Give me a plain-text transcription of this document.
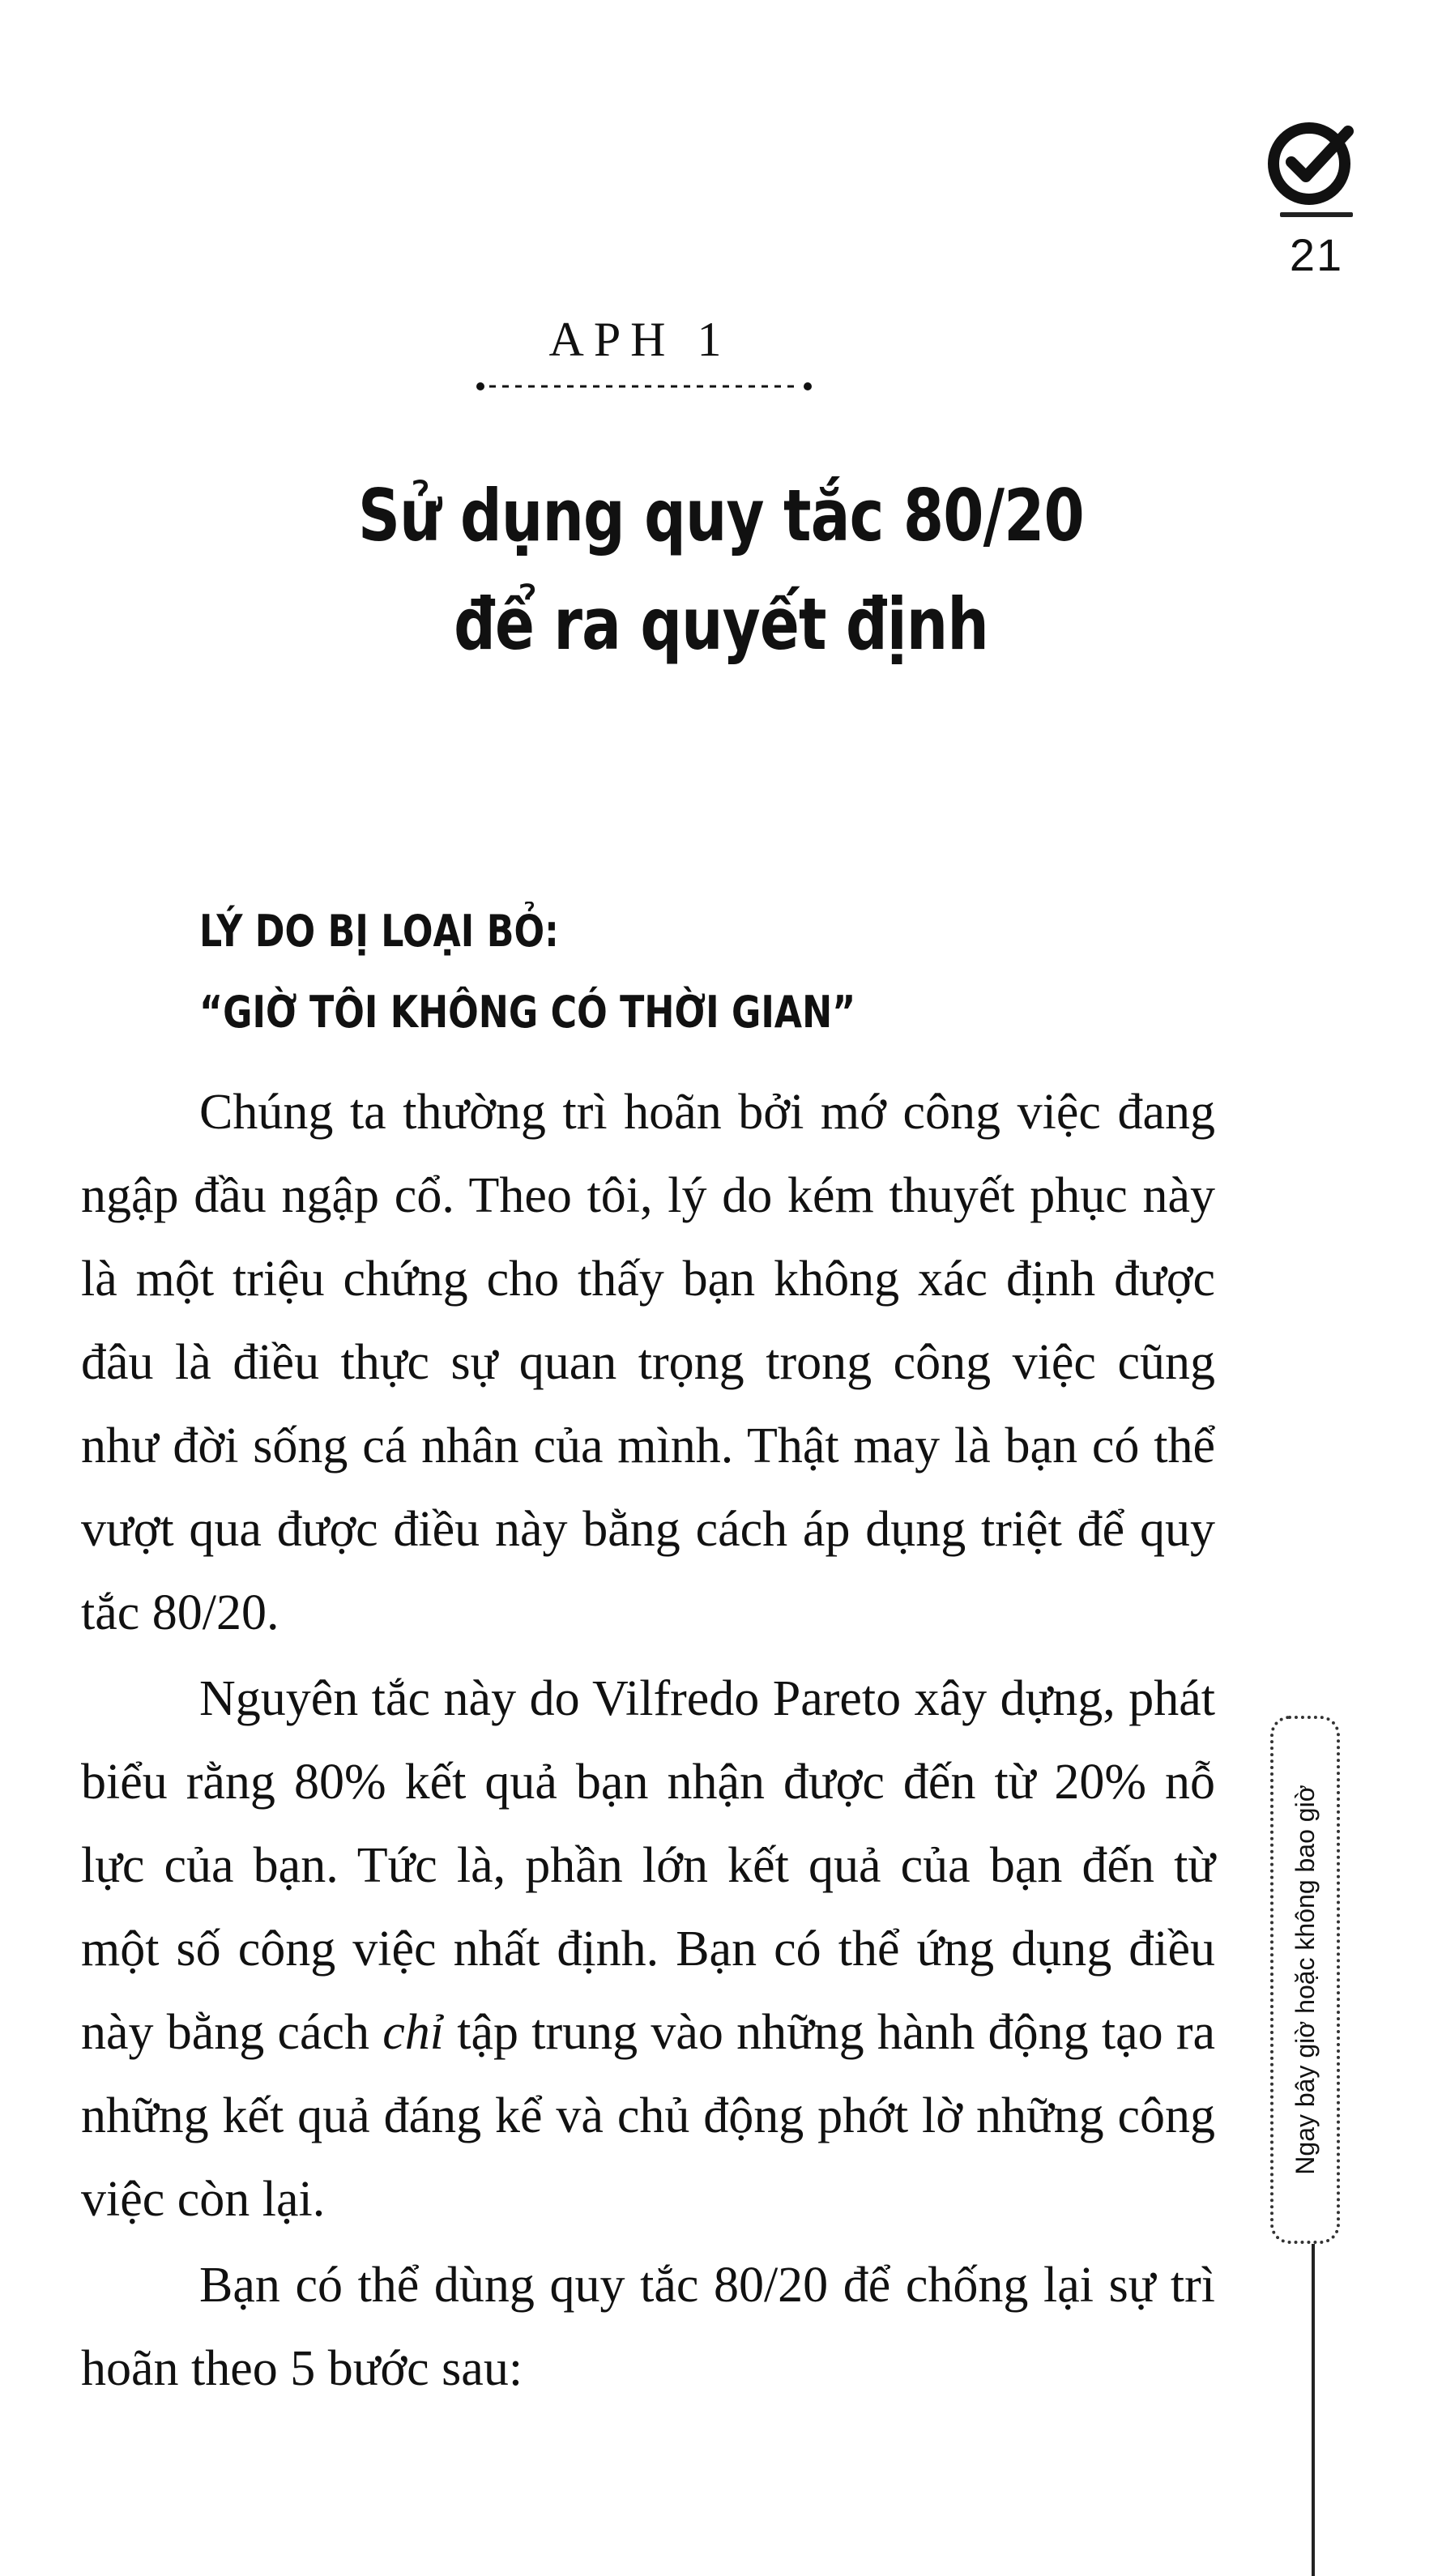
21
APH 1
Sử dụng quy tắc 80/20
để ra quyết định
LÝ DO BỊ LOẠI BỎ:
“GIỜ TÔI KHÔNG CÓ THỜI GIAN”

Chúng ta thường trì hoãn bởi mớ công việc đang ngập đầu ngập cổ. Theo tôi, lý do kém thuyết phục này là một triệu chứng cho thấy bạn không xác định được đâu là điều thực sự quan trọng trong công việc cũng như đời sống cá nhân của mình. Thật may là bạn có thể vượt qua được điều này bằng cách áp dụng triệt để quy tắc 80/20.

Nguyên tắc này do Vilfredo Pareto xây dựng, phát biểu rằng 80% kết quả bạn nhận được đến từ 20% nỗ lực của bạn. Tức là, phần lớn kết quả của bạn đến từ một số công việc nhất định. Bạn có thể ứng dụng điều này bằng cách chỉ tập trung vào những hành động tạo ra những kết quả đáng kể và chủ động phớt lờ những công việc còn lại.

Bạn có thể dùng quy tắc 80/20 để chống lại sự trì hoãn theo 5 bước sau:

Ngay bây giờ hoặc không bao giờ
